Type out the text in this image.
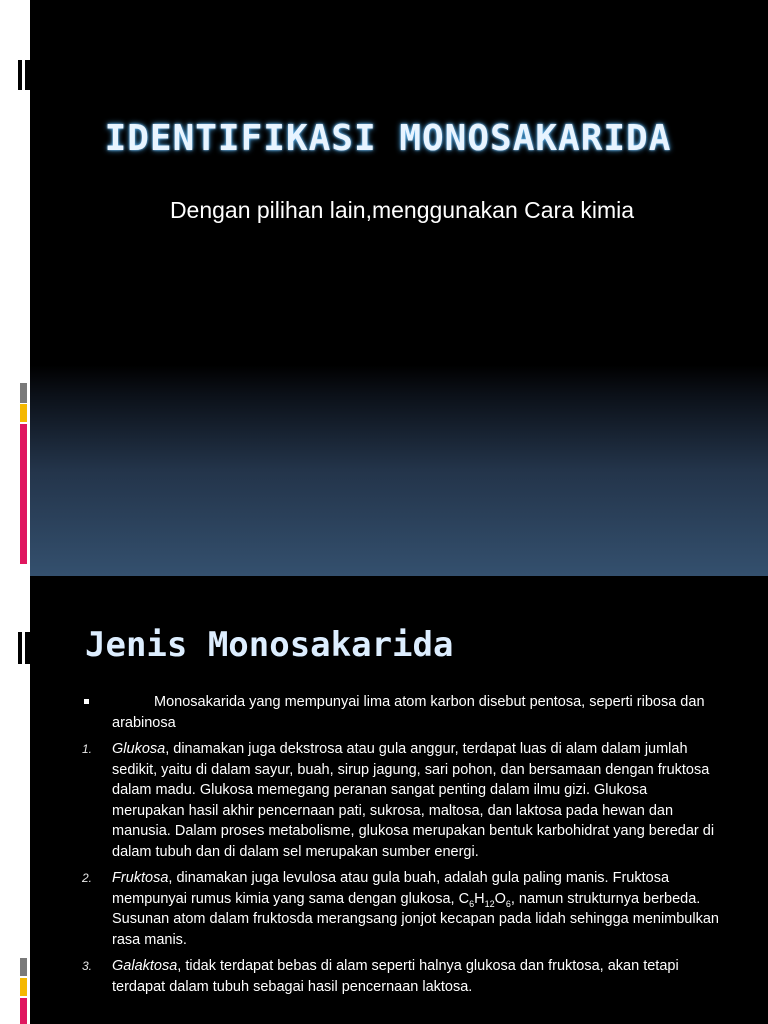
IDENTIFIKASI MONOSAKARIDA

Dengan pilihan lain,menggunakan Cara kimia

Jenis Monosakarida
Monosakarida yang mempunyai lima atom karbon disebut pentosa, seperti ribosa dan arabinosa
1. Glukosa, dinamakan juga dekstrosa atau gula anggur, terdapat luas di alam dalam jumlah sedikit, yaitu di dalam sayur, buah, sirup jagung, sari pohon, dan bersamaan dengan fruktosa dalam madu. Glukosa memegang peranan sangat penting dalam ilmu gizi. Glukosa merupakan hasil akhir pencernaan pati, sukrosa, maltosa, dan laktosa pada hewan dan manusia. Dalam proses metabolisme, glukosa merupakan bentuk karbohidrat yang beredar di dalam tubuh dan di dalam sel merupakan sumber energi.
2. Fruktosa, dinamakan juga levulosa atau gula buah, adalah gula paling manis. Fruktosa mempunyai rumus kimia yang sama dengan glukosa, $C_6H_{12}O_6$, namun strukturnya berbeda. Susunan atom dalam fruktosda merangsang jonjot kecapan pada lidah sehingga menimbulkan rasa manis.
3. Galaktosa, tidak terdapat bebas di alam seperti halnya glukosa dan fruktosa, akan tetapi terdapat dalam tubuh sebagai hasil pencernaan laktosa.
